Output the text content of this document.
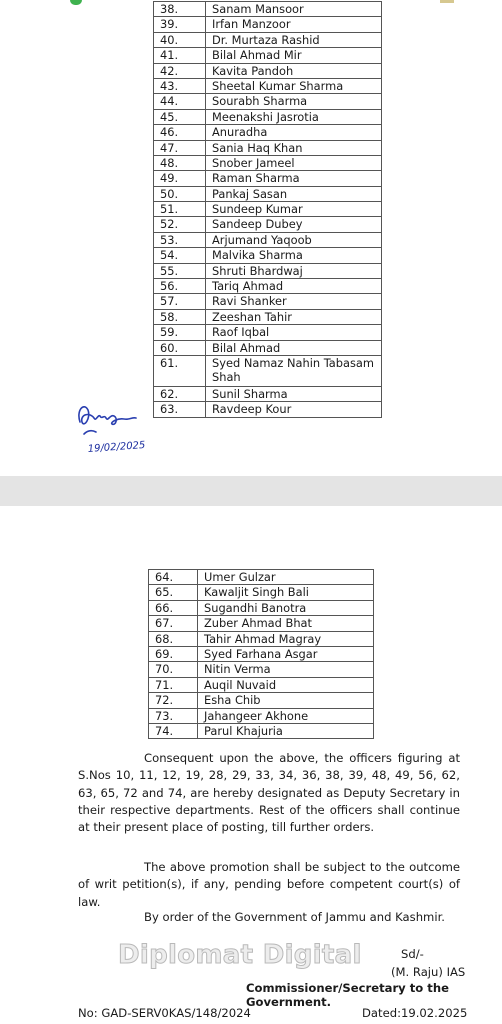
38.	Sanam Mansoor
39.	Irfan Manzoor
40.	Dr. Murtaza Rashid
41.	Bilal Ahmad Mir
42.	Kavita Pandoh
43.	Sheetal Kumar Sharma
44.	Sourabh Sharma
45.	Meenakshi Jasrotia
46.	Anuradha
47.	Sania Haq Khan
48.	Snober Jameel
49.	Raman Sharma
50.	Pankaj Sasan
51.	Sundeep Kumar
52.	Sandeep Dubey
53.	Arjumand Yaqoob
54.	Malvika Sharma
55.	Shruti Bhardwaj
56.	Tariq Ahmad
57.	Ravi Shanker
58.	Zeeshan Tahir
59.	Raof Iqbal
60.	Bilal Ahmad
61.	Syed Namaz Nahin Tabasam Shah
62.	Sunil Sharma
63.	Ravdeep Kour
19/02/2025
64.	Umer Gulzar
65.	Kawaljit Singh Bali
66.	Sugandhi Banotra
67.	Zuber Ahmad Bhat
68.	Tahir Ahmad Magray
69.	Syed Farhana Asgar
70.	Nitin Verma
71.	Auqil Nuvaid
72.	Esha Chib
73.	Jahangeer Akhone
74.	Parul Khajuria

Consequent upon the above, the officers figuring at S.Nos 10, 11, 12, 19, 28, 29, 33, 34, 36, 38, 39, 48, 49, 56, 62, 63, 65, 72 and 74, are hereby designated as Deputy Secretary in their respective departments. Rest of the officers shall continue at their present place of posting, till further orders.

The above promotion shall be subject to the outcome of writ petition(s), if any, pending before competent court(s) of law.

By order of the Government of Jammu and Kashmir.

Diplomat Digital	Sd/-
(M. Raju) IAS
Commissioner/Secretary to the Government.
No: GAD-SERV0KAS/148/2024	Dated:19.02.2025
